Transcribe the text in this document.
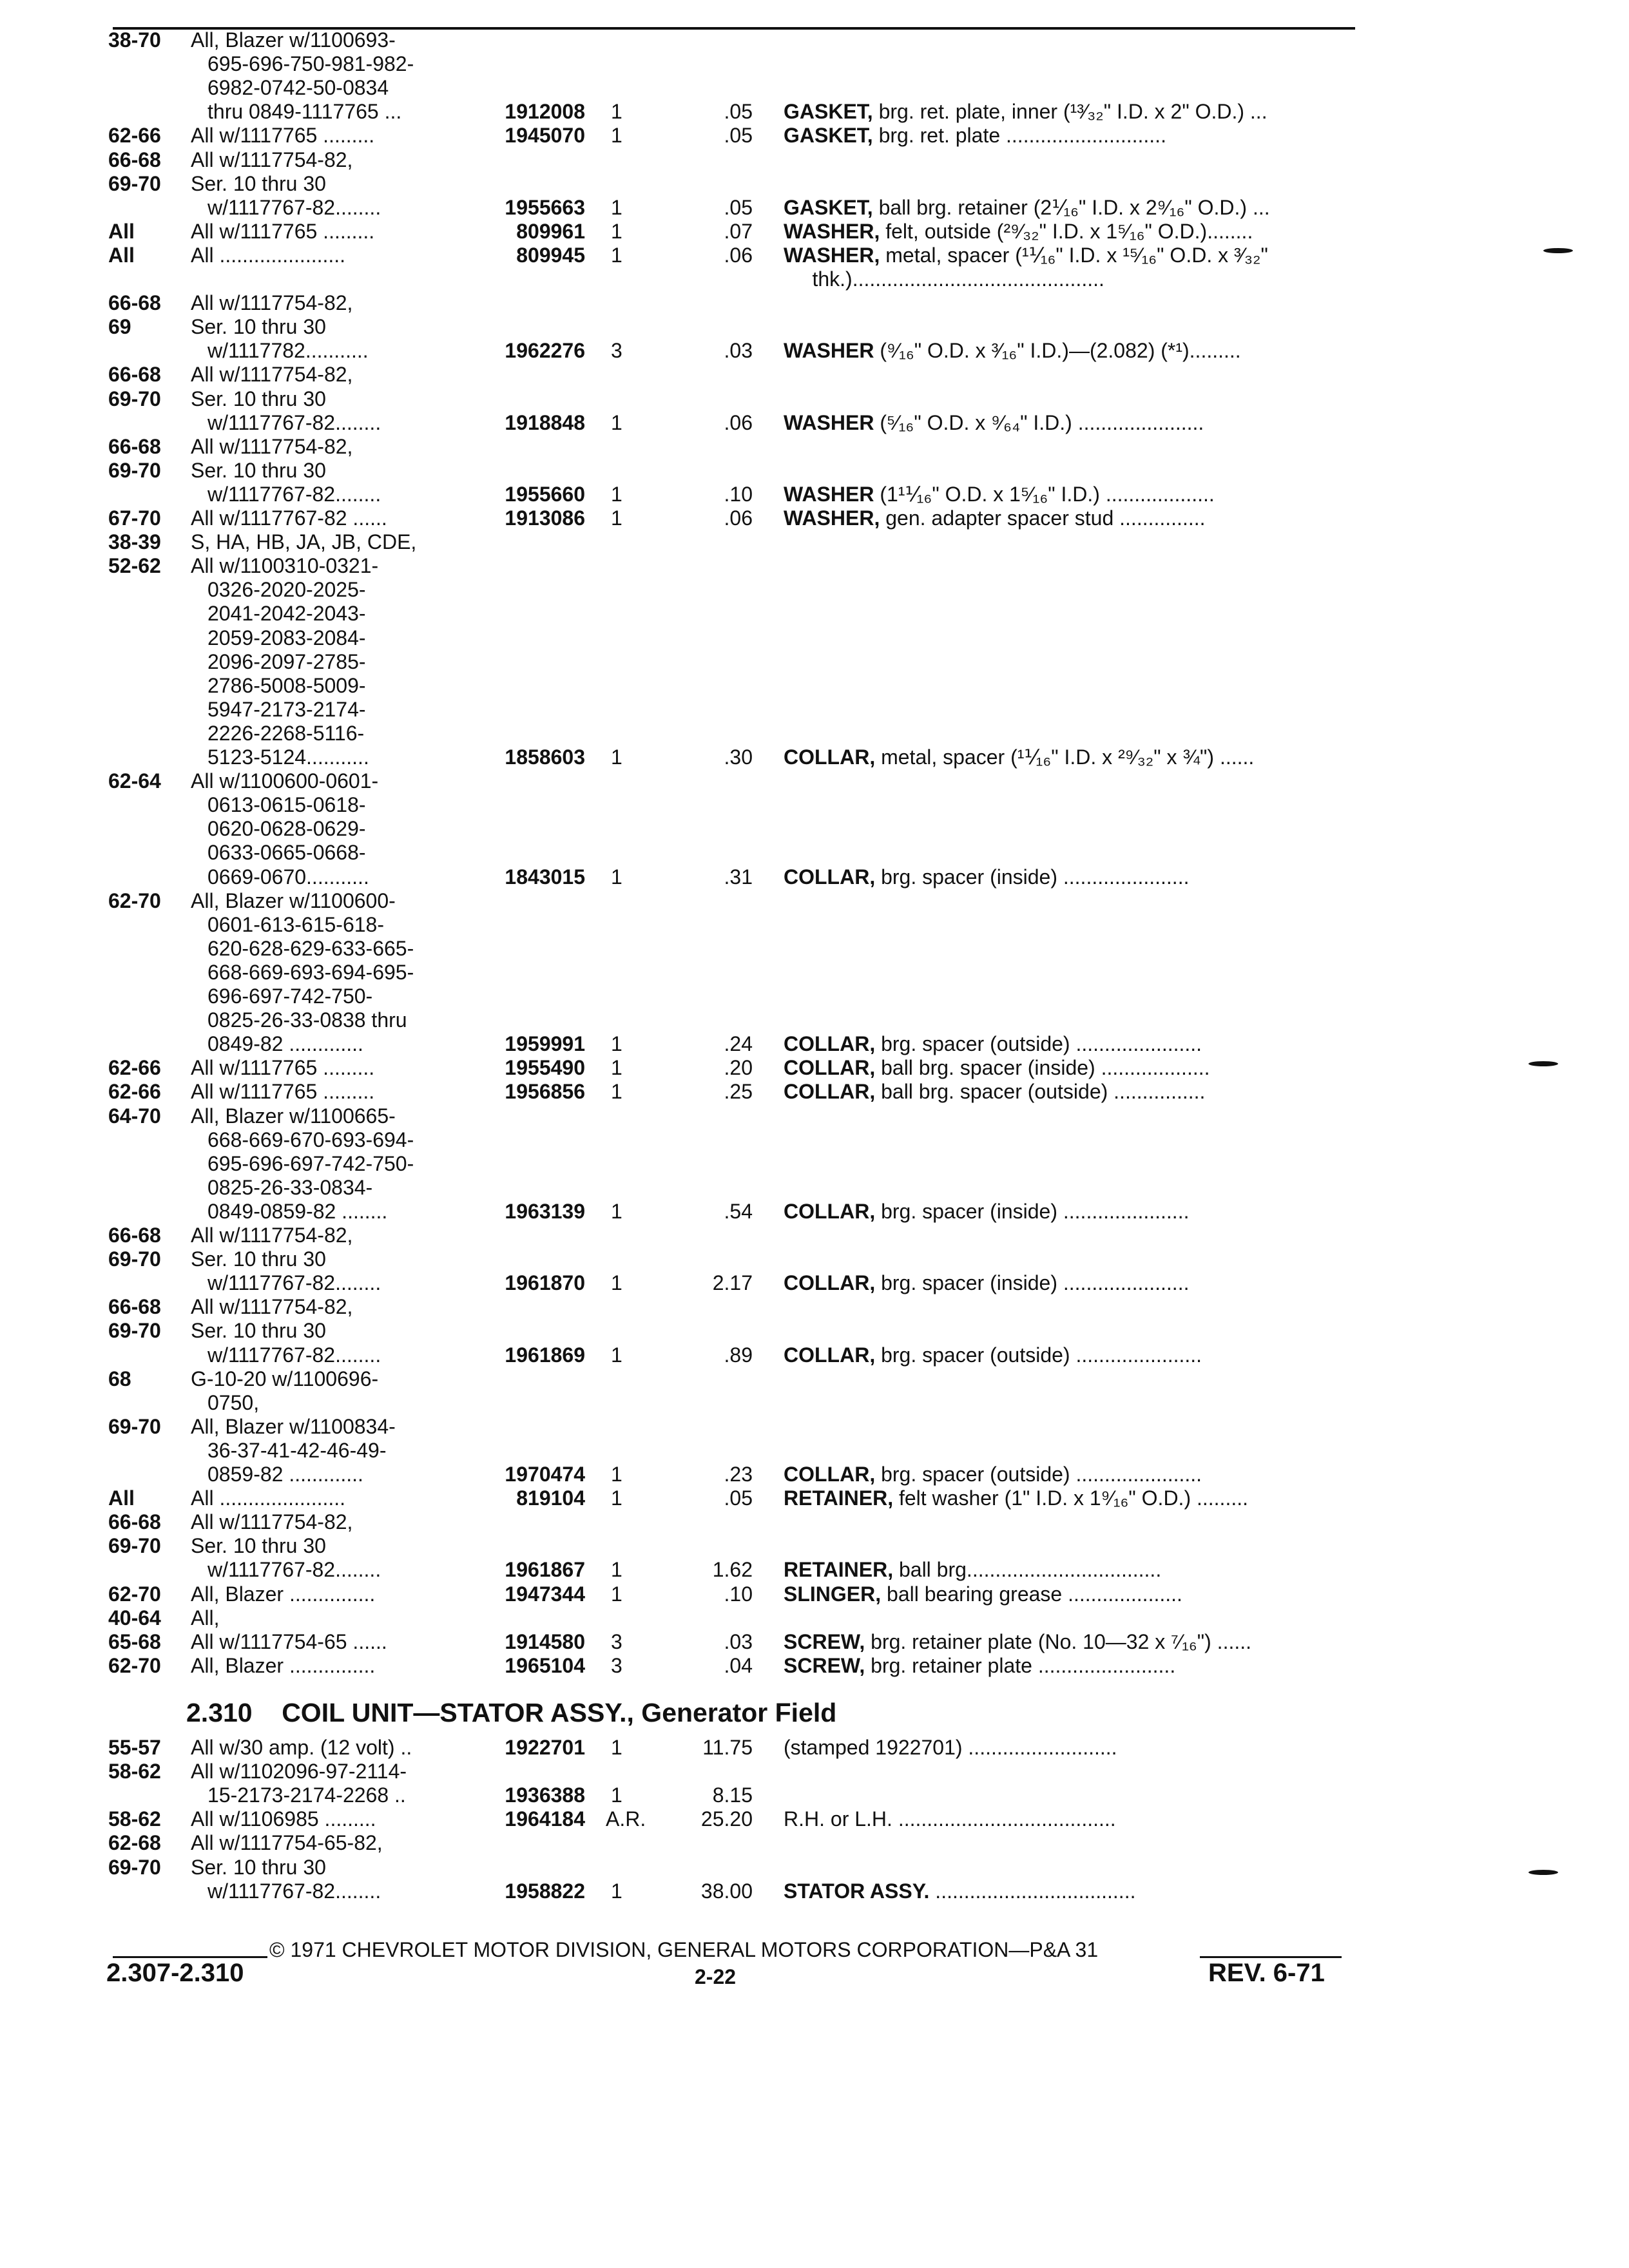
38-70 All, Blazer w/1100693-
695-696-750-981-982-
6982-0742-50-0834
thru 0849-1117765 ...	1912008 1	.05 GASKET, brg. ret. plate, inner (¹³⁄₃₂" I.D. x 2" O.D.) ...
62-66 All w/1117765 .........	1945070 1	.05 GASKET, brg. ret. plate ............................
66-68 All w/1117754-82,
69-70 Ser. 10 thru 30
w/1117767-82........	1955663 1	.05 GASKET, ball brg. retainer (2⅟₁₆" I.D. x 2⁹⁄₁₆" O.D.) ...
All	All w/1117765 .........	809961 1	.07 WASHER, felt, outside (²⁹⁄₃₂" I.D. x 1⁵⁄₁₆" O.D.)........
All	All ......................	809945 1	.06 WASHER, metal, spacer (¹⅟₁₆" I.D. x ¹⁵⁄₁₆" O.D. x ³⁄₃₂"
thk.)............................................
66-68 All w/1117754-82,
69	Ser. 10 thru 30
w/1117782...........	1962276 3	.03 WASHER (⁹⁄₁₆" O.D. x ³⁄₁₆" I.D.)—(2.082) (*¹).........
66-68 All w/1117754-82,
69-70 Ser. 10 thru 30
w/1117767-82........	1918848 1	.06 WASHER (⁵⁄₁₆" O.D. x ⁹⁄₆₄" I.D.) ......................
66-68 All w/1117754-82,
69-70 Ser. 10 thru 30
w/1117767-82........	1955660 1	.10 WASHER (1¹⅟₁₆" O.D. x 1⁵⁄₁₆" I.D.) ...................
67-70 All w/1117767-82 ......	1913086 1	.06 WASHER, gen. adapter spacer stud ...............
38-39 S, HA, HB, JA, JB, CDE,
52-62 All w/1100310-0321-
0326-2020-2025-
2041-2042-2043-
2059-2083-2084-
2096-2097-2785-
2786-5008-5009-
5947-2173-2174-
2226-2268-5116-
5123-5124...........	1858603 1	.30 COLLAR, metal, spacer (¹⅟₁₆" I.D. x ²⁹⁄₃₂" x ¾") ......
62-64 All w/1100600-0601-
0613-0615-0618-
0620-0628-0629-
0633-0665-0668-
0669-0670...........	1843015 1	.31 COLLAR, brg. spacer (inside) ......................
62-70 All, Blazer w/1100600-
0601-613-615-618-
620-628-629-633-665-
668-669-693-694-695-
696-697-742-750-
0825-26-33-0838 thru
0849-82 .............	1959991 1	.24 COLLAR, brg. spacer (outside) ......................
62-66 All w/1117765 .........	1955490 1	.20 COLLAR, ball brg. spacer (inside) ...................
62-66 All w/1117765 .........	1956856 1	.25 COLLAR, ball brg. spacer (outside) ................
64-70 All, Blazer w/1100665-
668-669-670-693-694-
695-696-697-742-750-
0825-26-33-0834-
0849-0859-82 ........	1963139 1	.54 COLLAR, brg. spacer (inside) ......................
66-68 All w/1117754-82,
69-70 Ser. 10 thru 30
w/1117767-82........	1961870 1	2.17 COLLAR, brg. spacer (inside) ......................
66-68 All w/1117754-82,
69-70 Ser. 10 thru 30
w/1117767-82........	1961869 1	.89 COLLAR, brg. spacer (outside) ......................
68	G-10-20 w/1100696-
0750,
69-70 All, Blazer w/1100834-
36-37-41-42-46-49-
0859-82 .............	1970474 1	.23 COLLAR, brg. spacer (outside) ......................
All	All ......................	819104 1	.05 RETAINER, felt washer (1" I.D. x 1⁹⁄₁₆" O.D.) .........
66-68 All w/1117754-82,
69-70 Ser. 10 thru 30
w/1117767-82........	1961867 1	1.62 RETAINER, ball brg..................................
62-70 All, Blazer ...............	1947344 1	.10 SLINGER, ball bearing grease ....................
40-64 All,
65-68 All w/1117754-65 ......	1914580 3	.03 SCREW, brg. retainer plate (No. 10—32 x ⁷⁄₁₆") ......
62-70 All, Blazer ...............	1965104 3	.04 SCREW, brg. retainer plate ........................
2.310 COIL UNIT—STATOR ASSY., Generator Field
55-57 All w/30 amp. (12 volt) ..	1922701 1	11.75 (stamped 1922701) ..........................
58-62 All w/1102096-97-2114-
15-2173-2174-2268 ..	1936388 1	8.15
58-62 All w/1106985 .........	1964184 A.R.	25.20 R.H. or L.H. ......................................
62-68 All w/1117754-65-82,
69-70 Ser. 10 thru 30
w/1117767-82........	1958822 1	38.00 STATOR ASSY. ...................................
© 1971 CHEVROLET MOTOR DIVISION, GENERAL MOTORS CORPORATION—P&A 31
2.307-2.310	2-22	REV. 6-71
